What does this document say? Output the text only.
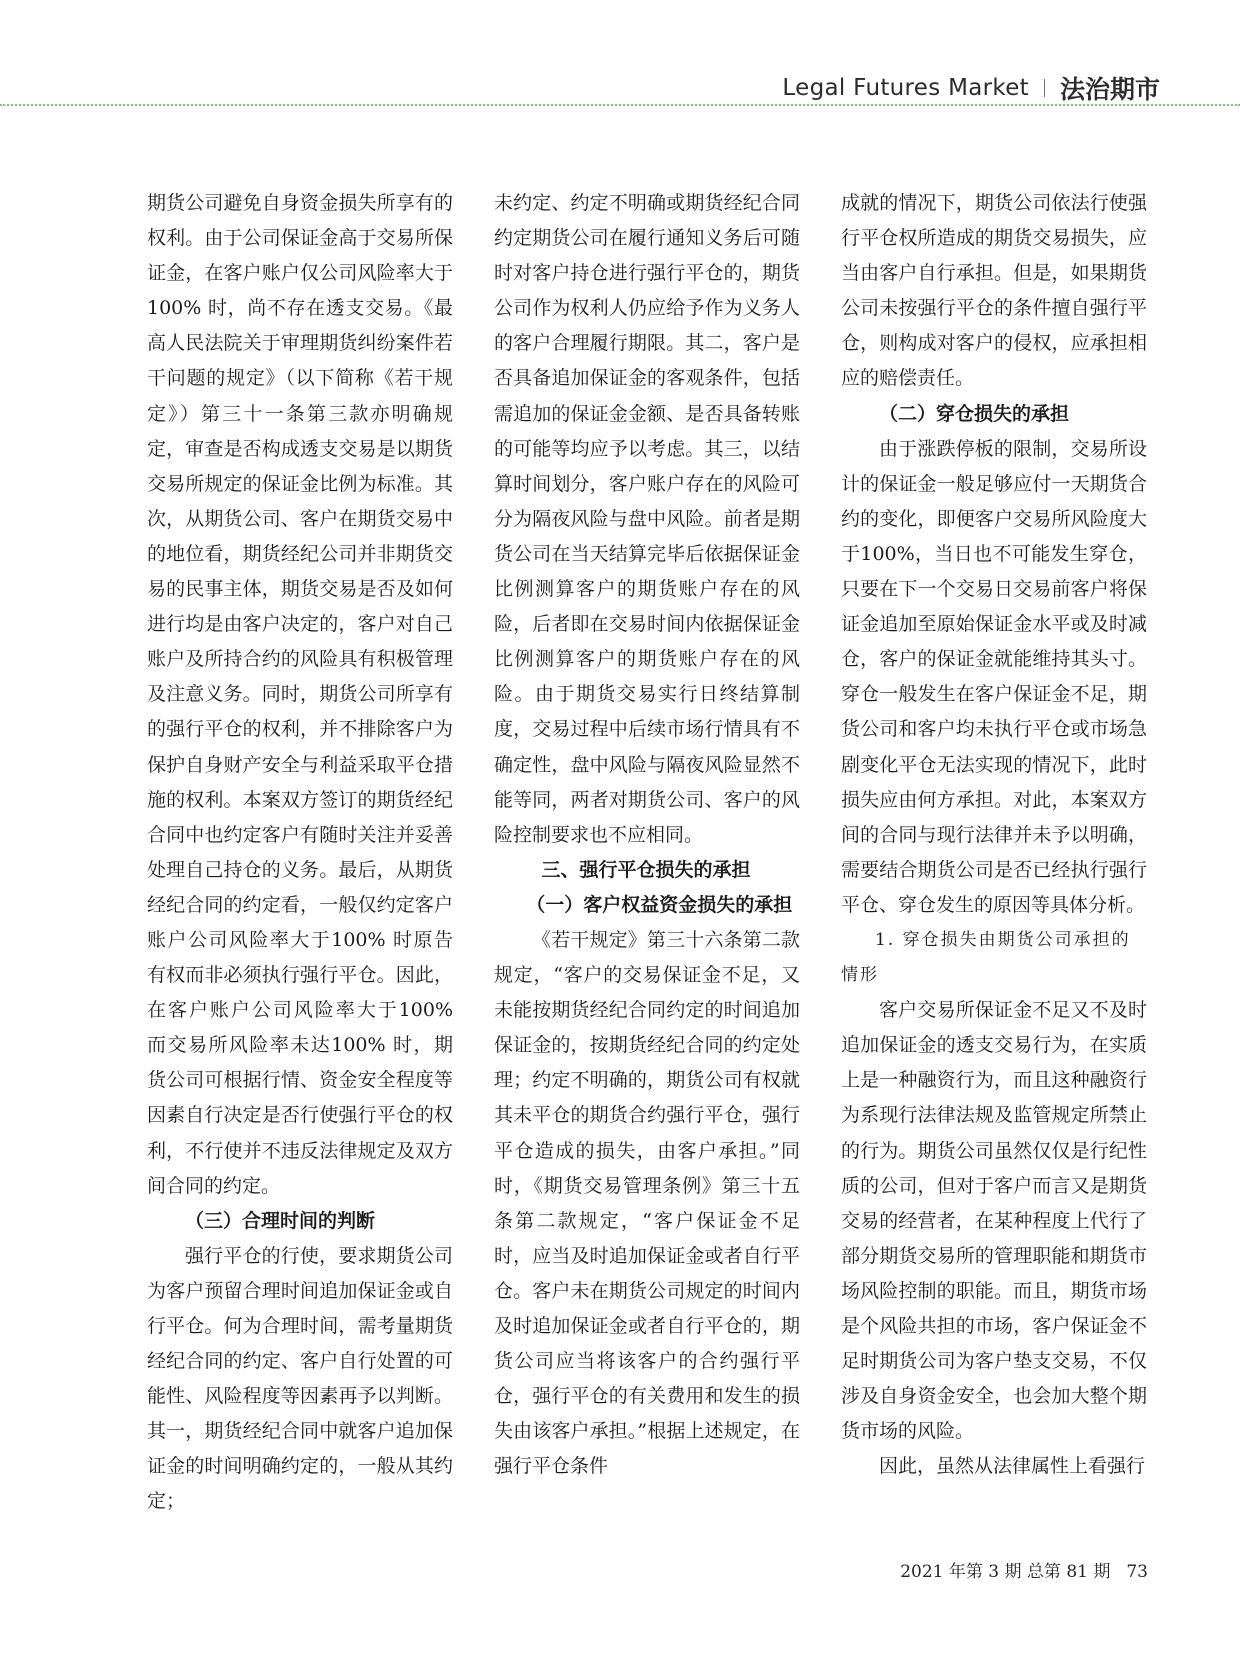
Legal Futures Market 法治期市

期货公司避免自身资金损失所享有的权利。由于公司保证金高于交易所保证金，在客户账户仅公司风险率大于100% 时，尚不存在透支交易。《最高人民法院关于审理期货纠纷案件若干问题的规定》（以下简称《若干规定》）第三十一条第三款亦明确规定，审查是否构成透支交易是以期货交易所规定的保证金比例为标准。其次，从期货公司、客户在期货交易中的地位看，期货经纪公司并非期货交易的民事主体，期货交易是否及如何进行均是由客户决定的，客户对自己账户及所持合约的风险具有积极管理及注意义务。同时，期货公司所享有的强行平仓的权利，并不排除客户为保护自身财产安全与利益采取平仓措施的权利。本案双方签订的期货经纪合同中也约定客户有随时关注并妥善处理自己持仓的义务。最后，从期货经纪合同的约定看，一般仅约定客户账户公司风险率大于100% 时原告有权而非必须执行强行平仓。因此，在客户账户公司风险率大于100% 而交易所风险率未达100% 时，期货公司可根据行情、资金安全程度等因素自行决定是否行使强行平仓的权利，不行使并不违反法律规定及双方间合同的约定。

（三）合理时间的判断

强行平仓的行使，要求期货公司为客户预留合理时间追加保证金或自行平仓。何为合理时间，需考量期货经纪合同的约定、客户自行处置的可能性、风险程度等因素再予以判断。其一，期货经纪合同中就客户追加保证金的时间明确约定的，一般从其约定；

未约定、约定不明确或期货经纪合同约定期货公司在履行通知义务后可随时对客户持仓进行强行平仓的，期货公司作为权利人仍应给予作为义务人的客户合理履行期限。其二，客户是否具备追加保证金的客观条件，包括需追加的保证金金额、是否具备转账的可能等均应予以考虑。其三，以结算时间划分，客户账户存在的风险可分为隔夜风险与盘中风险。前者是期货公司在当天结算完毕后依据保证金比例测算客户的期货账户存在的风险，后者即在交易时间内依据保证金比例测算客户的期货账户存在的风险。由于期货交易实行日终结算制度，交易过程中后续市场行情具有不确定性，盘中风险与隔夜风险显然不能等同，两者对期货公司、客户的风险控制要求也不应相同。

三、强行平仓损失的承担
（一）客户权益资金损失的承担

《若干规定》第三十六条第二款规定，“客户的交易保证金不足，又未能按期货经纪合同约定的时间追加保证金的，按期货经纪合同的约定处理；约定不明确的，期货公司有权就其未平仓的期货合约强行平仓，强行平仓造成的损失，由客户承担。”同时，《期货交易管理条例》第三十五条第二款规定，“客户保证金不足时，应当及时追加保证金或者自行平仓。客户未在期货公司规定的时间内及时追加保证金或者自行平仓的，期货公司应当将该客户的合约强行平仓，强行平仓的有关费用和发生的损失由该客户承担。”根据上述规定，在强行平仓条件

成就的情况下，期货公司依法行使强行平仓权所造成的期货交易损失，应当由客户自行承担。但是，如果期货公司未按强行平仓的条件擅自强行平仓，则构成对客户的侵权，应承担相应的赔偿责任。

（二）穿仓损失的承担

由于涨跌停板的限制，交易所设计的保证金一般足够应付一天期货合约的变化，即便客户交易所风险度大于100%，当日也不可能发生穿仓，只要在下一个交易日交易前客户将保证金追加至原始保证金水平或及时减仓，客户的保证金就能维持其头寸。穿仓一般发生在客户保证金不足，期货公司和客户均未执行平仓或市场急剧变化平仓无法实现的情况下，此时损失应由何方承担。对此，本案双方间的合同与现行法律并未予以明确，需要结合期货公司是否已经执行强行平仓、穿仓发生的原因等具体分析。

1. 穿仓损失由期货公司承担的情形

客户交易所保证金不足又不及时追加保证金的透支交易行为，在实质上是一种融资行为，而且这种融资行为系现行法律法规及监管规定所禁止的行为。期货公司虽然仅仅是行纪性质的公司，但对于客户而言又是期货交易的经营者，在某种程度上代行了部分期货交易所的管理职能和期货市场风险控制的职能。而且，期货市场是个风险共担的市场，客户保证金不足时期货公司为客户垫支交易，不仅涉及自身资金安全，也会加大整个期货市场的风险。

因此，虽然从法律属性上看强行

2021 年第 3 期 总第 81 期 73
